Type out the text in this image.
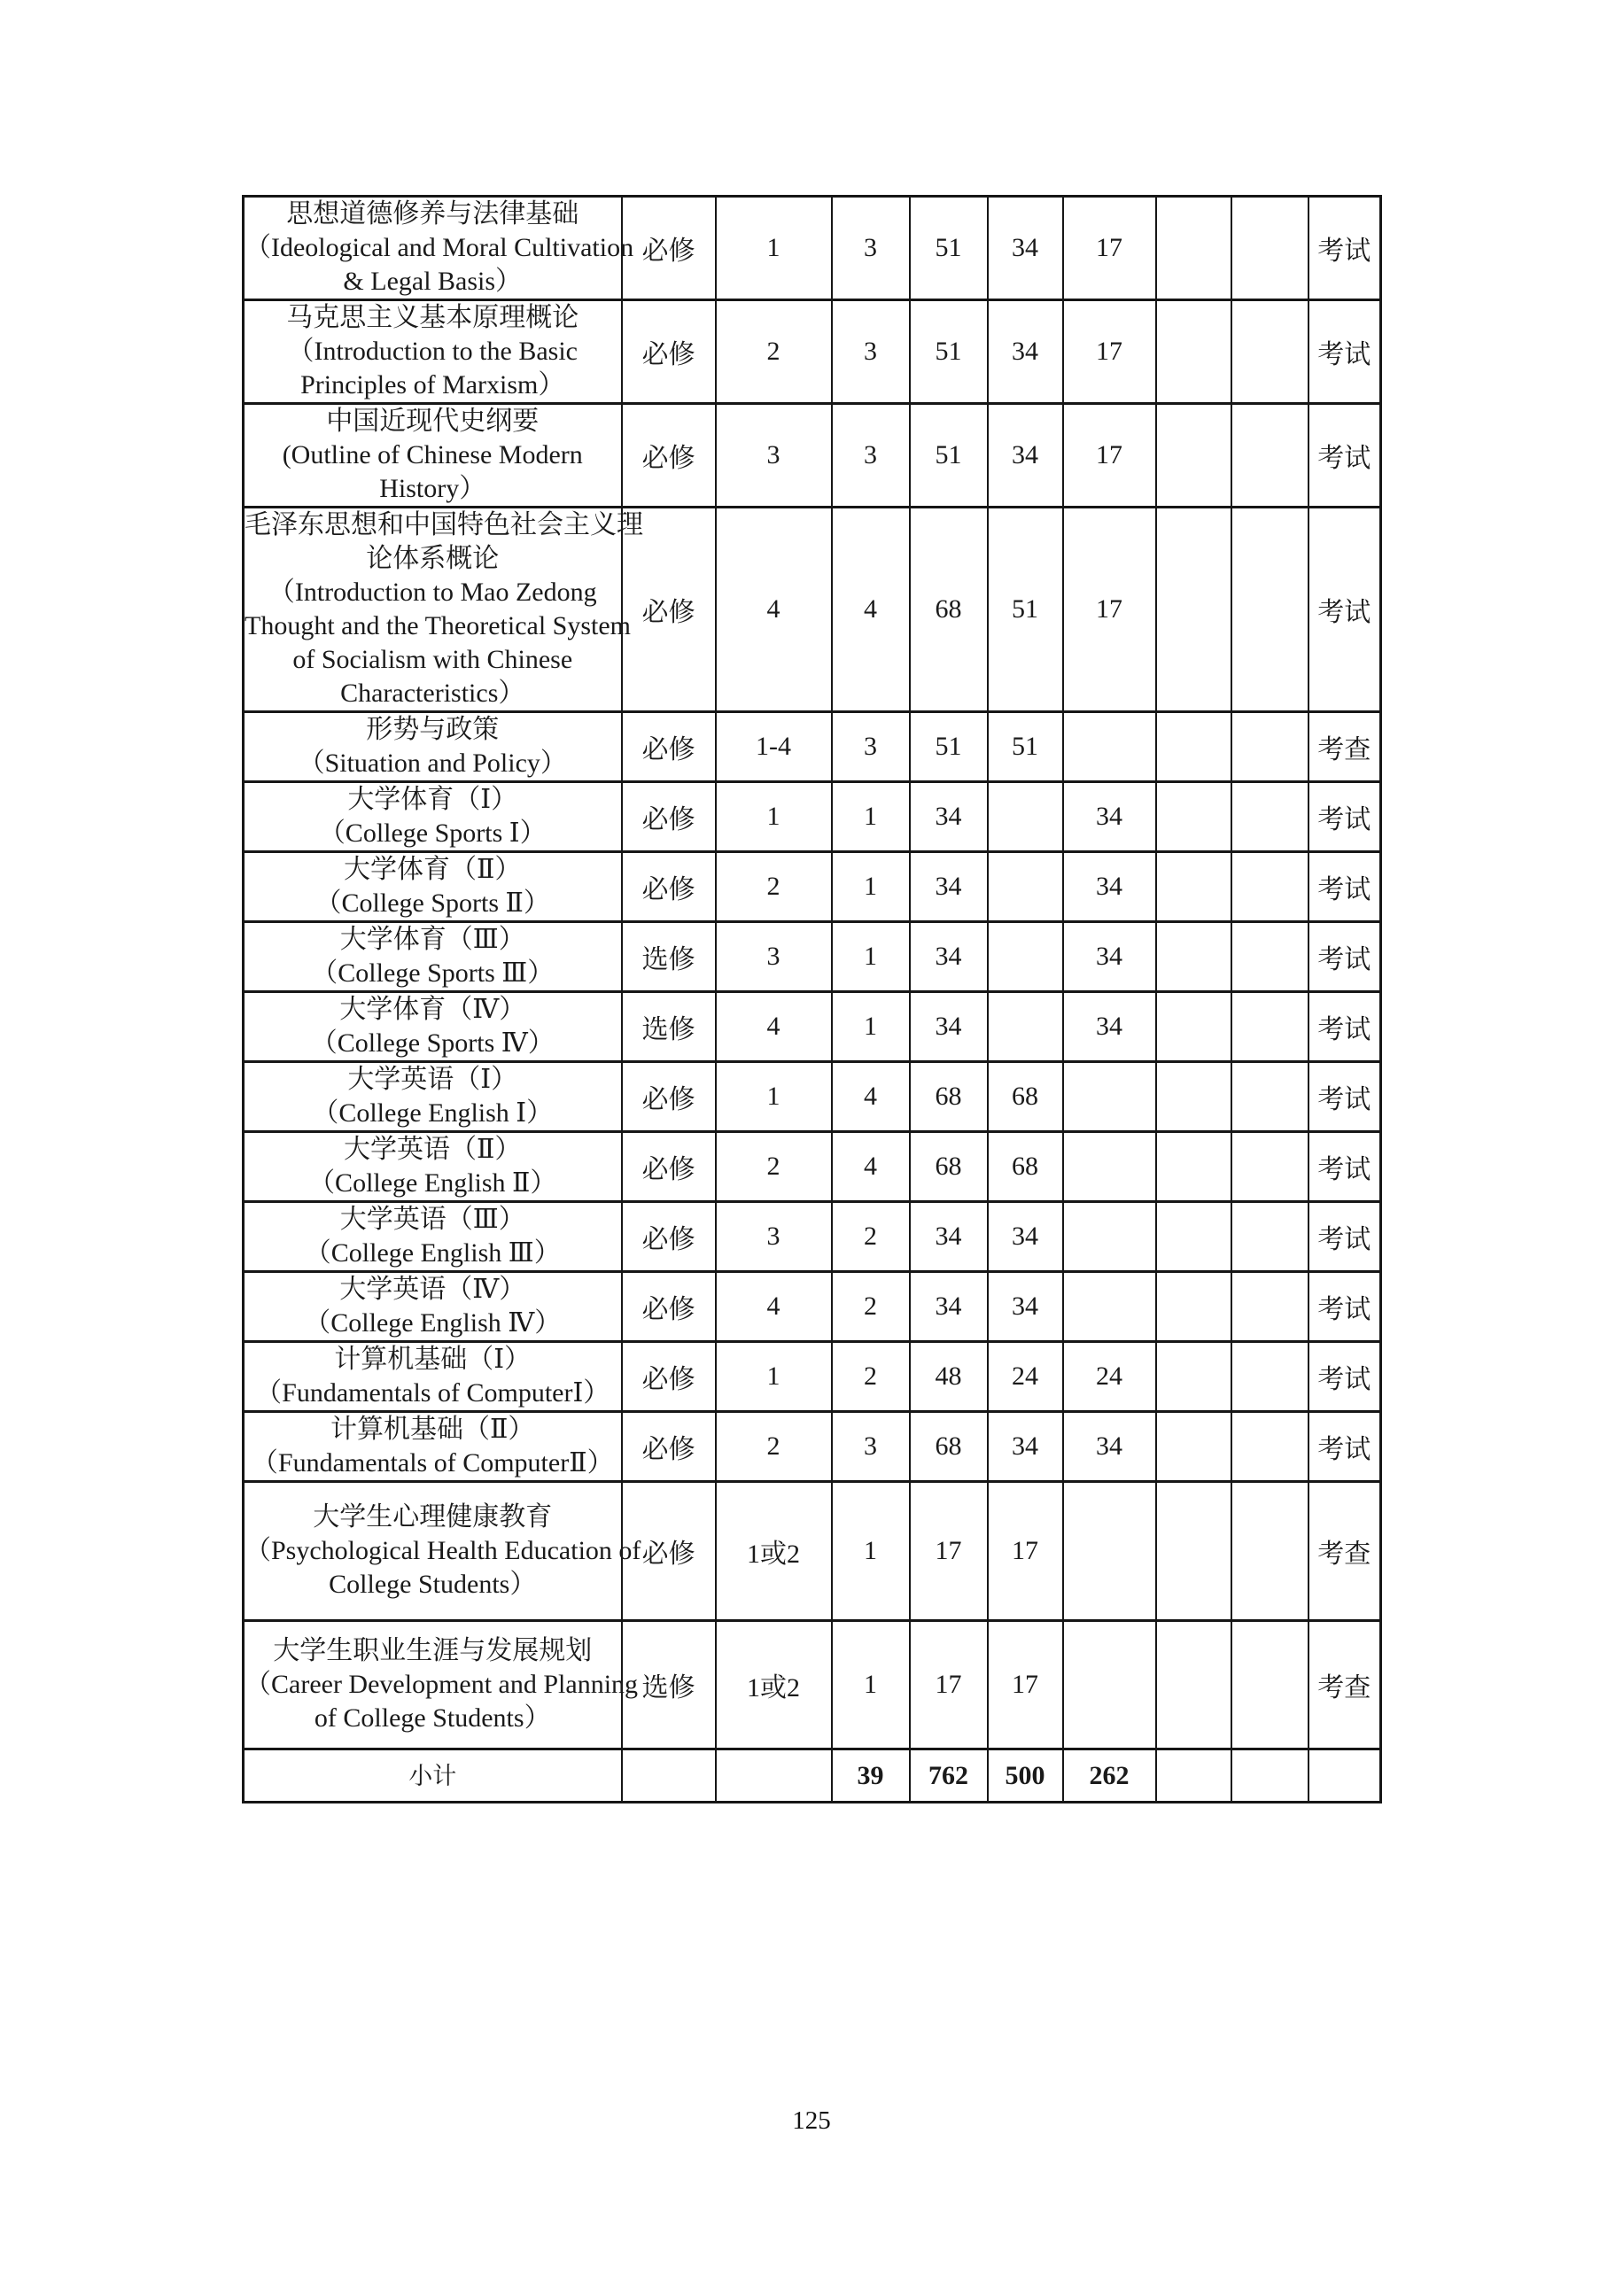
思想道德修养与法律基础
（Ideological and Moral Cultivation
& Legal Basis）	必修	1	3	51	34	17			考试

马克思主义基本原理概论
（Introduction to the Basic
Principles of Marxism）	必修	2	3	51	34	17			考试

中国近现代史纲要
(Outline of Chinese Modern
History）	必修	3	3	51	34	17			考试

毛泽东思想和中国特色社会主义理
论体系概论
（Introduction to Mao Zedong
Thought and the Theoretical System
of Socialism with Chinese
Characteristics）
	必修	4	4	68	51	17			考试

形势与政策
（Situation and Policy）	必修	1-4	3	51	51				考查

大学体育（Ⅰ）
（College Sports Ⅰ）	必修	1	1	34		34			考试

大学体育（Ⅱ）
（College Sports Ⅱ）	必修	2	1	34		34			考试

大学体育（Ⅲ）
（College Sports Ⅲ）	选修	3	1	34		34			考试

大学体育（Ⅳ）
（College Sports Ⅳ）	选修	4	1	34		34			考试

大学英语（Ⅰ）
（College English Ⅰ）	必修	1	4	68	68				考试

大学英语（Ⅱ）
（College English Ⅱ）	必修	2	4	68	68				考试

大学英语（Ⅲ）
（College English Ⅲ）	必修	3	2	34	34				考试

大学英语（Ⅳ）
（College English Ⅳ）	必修	4	2	34	34				考试

计算机基础（Ⅰ）
（Fundamentals of ComputerⅠ）	必修	1	2	48	24	24			考试

计算机基础（Ⅱ）
（Fundamentals of ComputerⅡ）	必修	2	3	68	34	34			考试

大学生心理健康教育
（Psychological Health Education of
College Students）	必修	1或2	1	17	17				考查

大学生职业生涯与发展规划
（Career Development and Planning
of College Students）	选修	1或2	1	17	17				考查
小计			39	762	500	262			
125
